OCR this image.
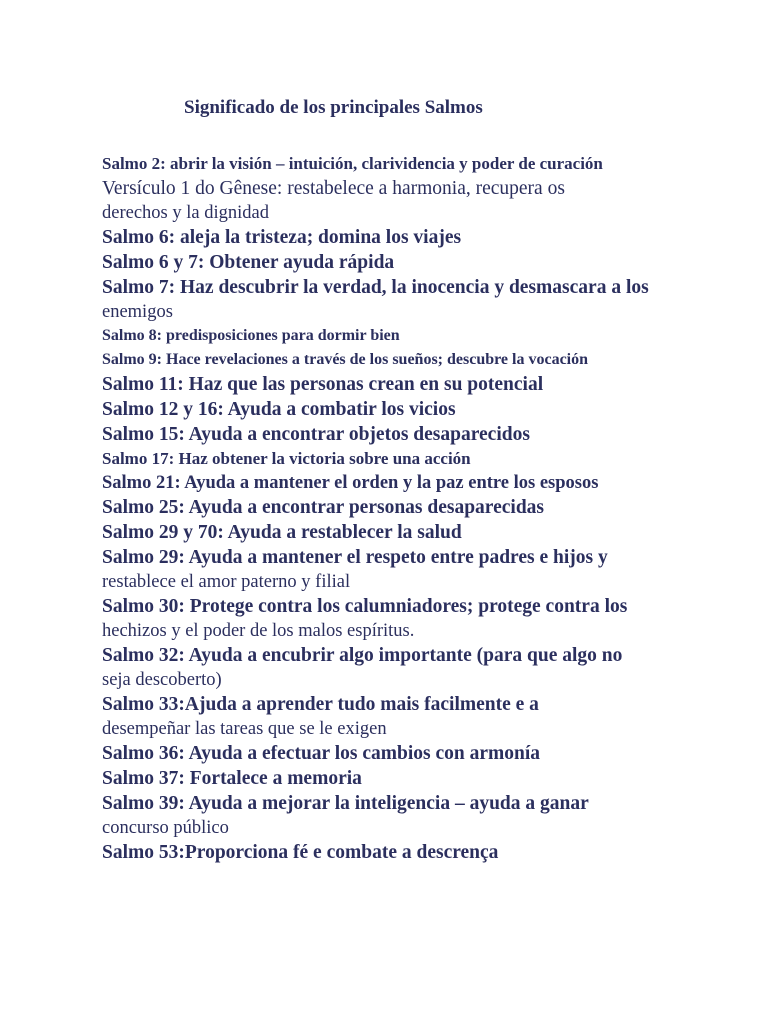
Significado de los principales Salmos
Salmo 2: abrir la visión – intuición, clarividencia y poder de curación
Versículo 1 do Gênese: restabelece a harmonia, recupera os
derechos y la dignidad
Salmo 6: aleja la tristeza; domina los viajes
Salmo 6 y 7: Obtener ayuda rápida
Salmo 7: Haz descubrir la verdad, la inocencia y desmascara a los
enemigos
Salmo 8: predisposiciones para dormir bien
Salmo 9: Hace revelaciones a través de los sueños; descubre la vocación
Salmo 11: Haz que las personas crean en su potencial
Salmo 12 y 16: Ayuda a combatir los vicios
Salmo 15: Ayuda a encontrar objetos desaparecidos
Salmo 17: Haz obtener la victoria sobre una acción
Salmo 21: Ayuda a mantener el orden y la paz entre los esposos
Salmo 25: Ayuda a encontrar personas desaparecidas
Salmo 29 y 70: Ayuda a restablecer la salud
Salmo 29: Ayuda a mantener el respeto entre padres e hijos y
restablece el amor paterno y filial
Salmo 30: Protege contra los calumniadores; protege contra los
hechizos y el poder de los malos espíritus.
Salmo 32: Ayuda a encubrir algo importante (para que algo no
seja descoberto)
Salmo 33:Ajuda a aprender tudo mais facilmente e a
desempeñar las tareas que se le exigen
Salmo 36: Ayuda a efectuar los cambios con armonía
Salmo 37: Fortalece a memoria
Salmo 39: Ayuda a mejorar la inteligencia – ayuda a ganar
concurso público
Salmo 53:Proporciona fé e combate a descrença
